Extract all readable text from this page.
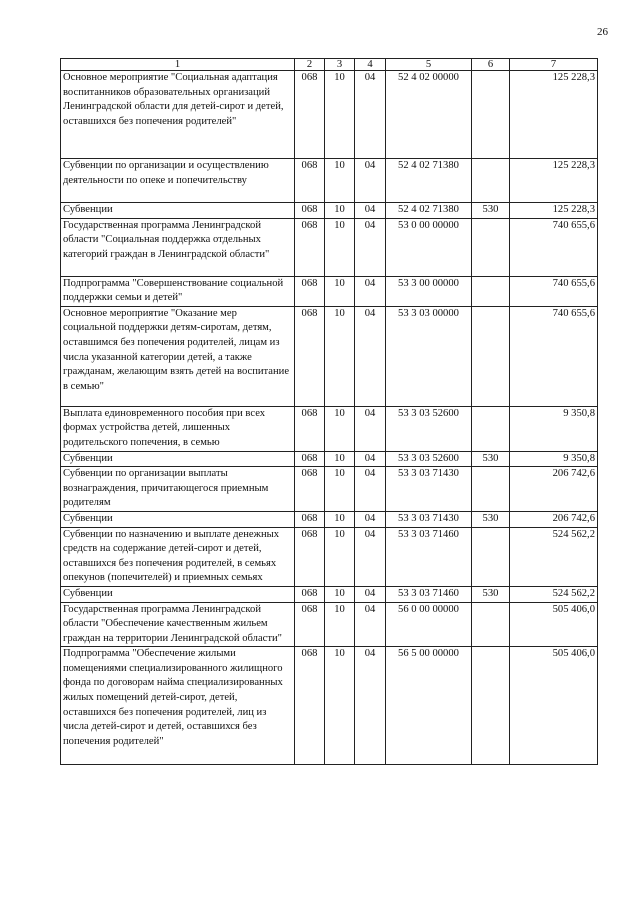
26
1	2	3	4	5	6	7
Основное мероприятие "Социальная адаптация воспитанников образовательных организаций Ленинградской области для детей-сирот и детей, оставшихся без попечения родителей"	068	10	04	52 4 02 00000		125 228,3
Субвенции по организации и осуществлению деятельности по опеке и попечительству	068	10	04	52 4 02 71380		125 228,3
Субвенции	068	10	04	52 4 02 71380	530	125 228,3
Государственная программа Ленинградской области "Социальная поддержка отдельных категорий граждан в Ленинградской области"	068	10	04	53 0 00 00000		740 655,6
Подпрограмма "Совершенствование социальной поддержки семьи и детей"	068	10	04	53 3 00 00000		740 655,6
Основное мероприятие "Оказание мер социальной поддержки детям-сиротам, детям, оставшимся без попечения родителей, лицам из числа указанной категории детей, а также гражданам, желающим взять детей на воспитание в семью"	068	10	04	53 3 03 00000		740 655,6
Выплата единовременного пособия при всех формах устройства детей, лишенных родительского попечения, в семью	068	10	04	53 3 03 52600		9 350,8
Субвенции	068	10	04	53 3 03 52600	530	9 350,8
Субвенции по организации выплаты вознаграждения, причитающегося приемным родителям	068	10	04	53 3 03 71430		206 742,6
Субвенции	068	10	04	53 3 03 71430	530	206 742,6
Субвенции по назначению и выплате денежных средств на содержание детей-сирот и детей, оставшихся без попечения родителей, в семьях опекунов (попечителей) и приемных семьях	068	10	04	53 3 03 71460		524 562,2
Субвенции	068	10	04	53 3 03 71460	530	524 562,2
Государственная программа Ленинградской области "Обеспечение качественным жильем граждан на территории Ленинградской области"	068	10	04	56 0 00 00000		505 406,0
Подпрограмма "Обеспечение жилыми помещениями специализированного жилищного фонда по договорам найма специализированных жилых помещений детей-сирот, детей, оставшихся без попечения родителей, лиц из числа детей-сирот и детей, оставшихся без попечения родителей"	068	10	04	56 5 00 00000		505 406,0
